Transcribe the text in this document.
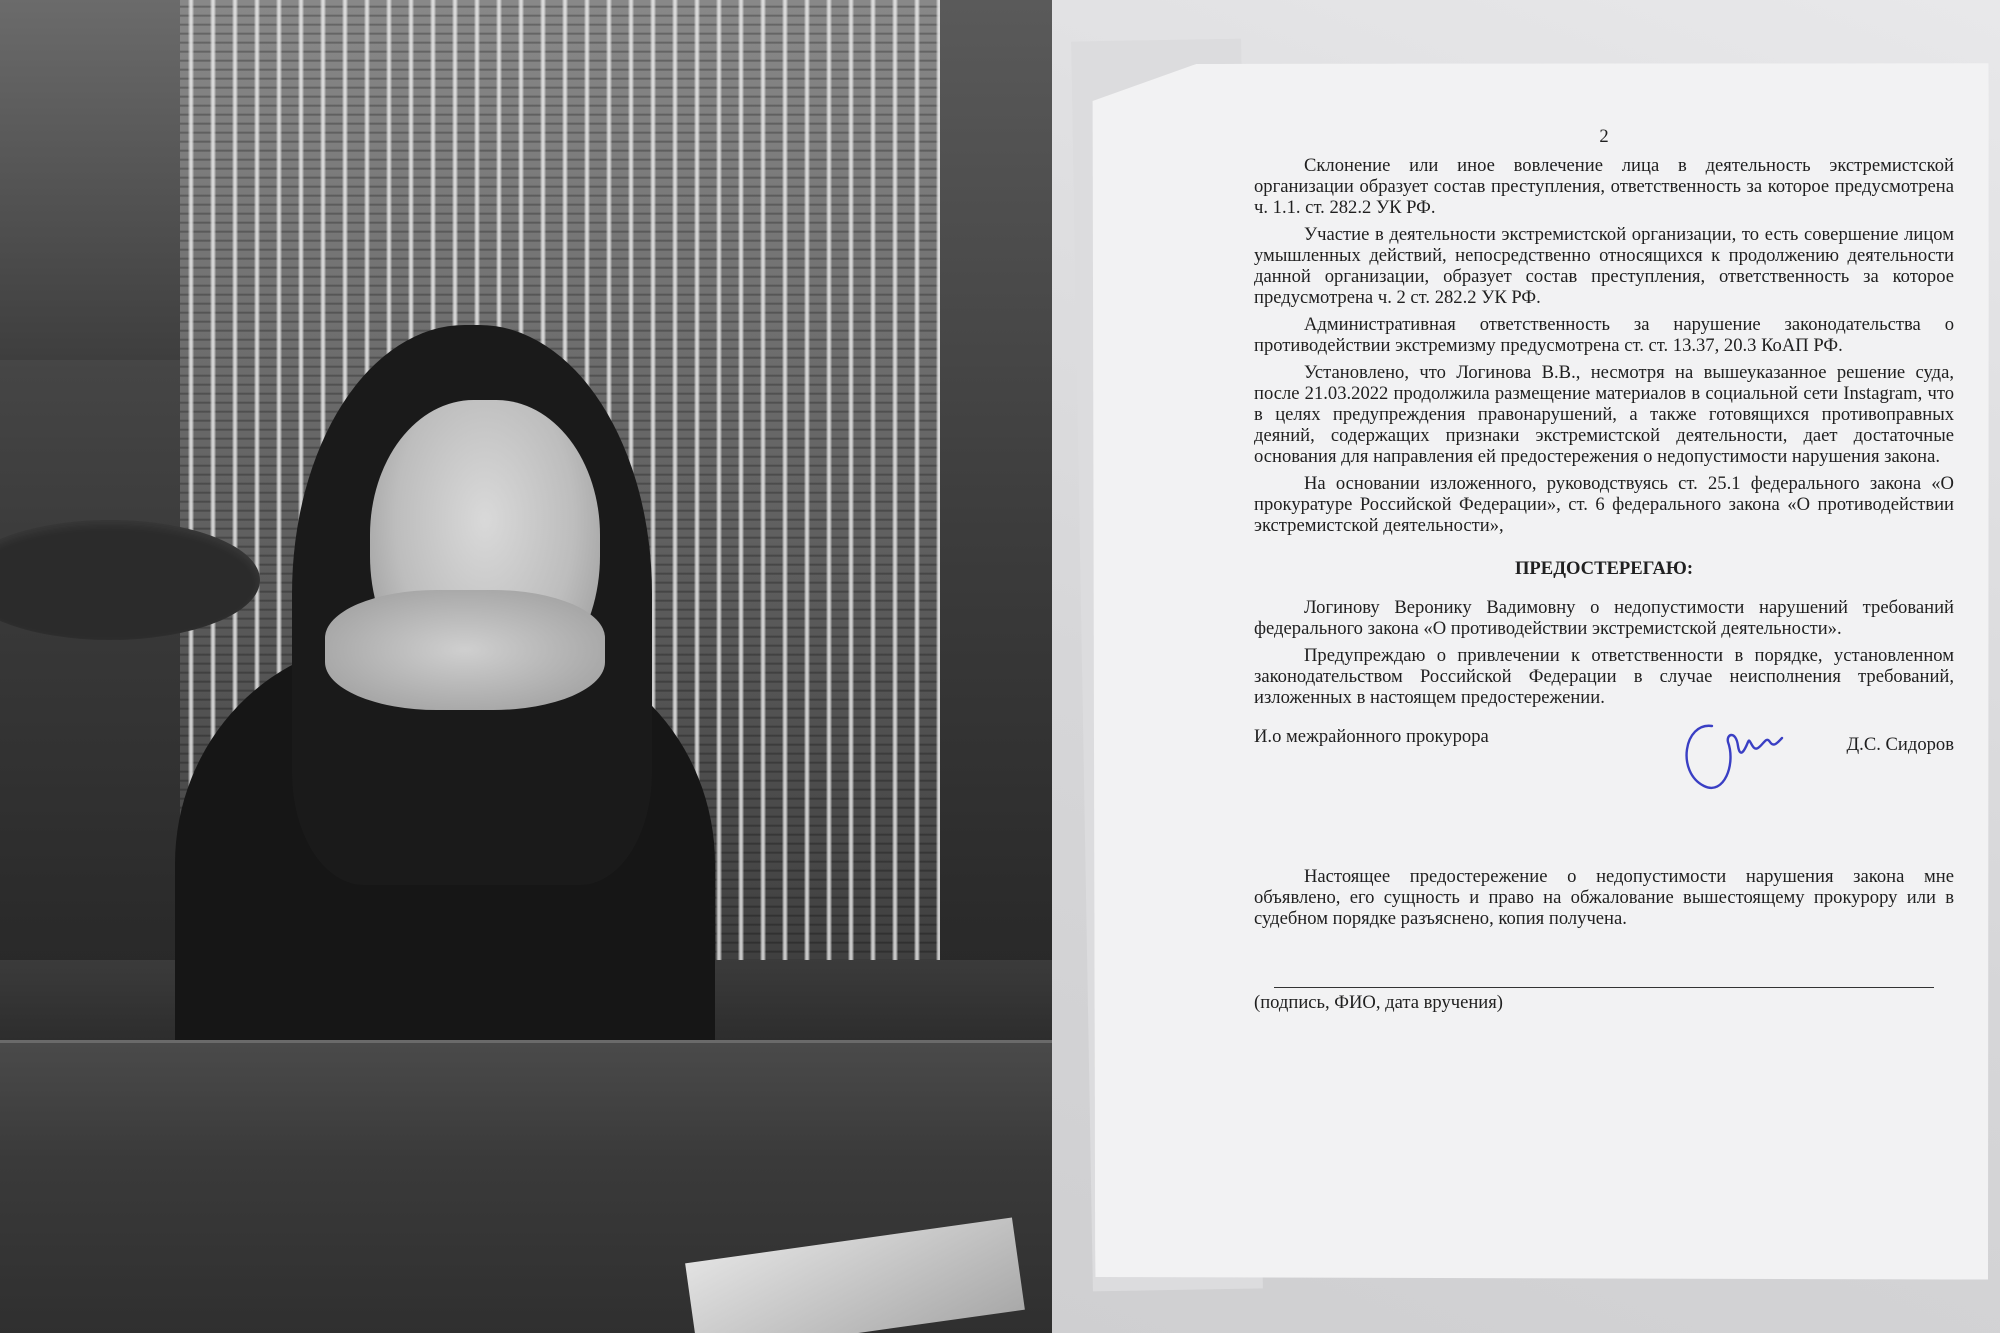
2

Склонение или иное вовлечение лица в деятельность экстремистской организации образует состав преступления, ответственность за которое предусмотрена ч. 1.1. ст. 282.2 УК РФ.

Участие в деятельности экстремистской организации, то есть совершение лицом умышленных действий, непосредственно относящихся к продолжению деятельности данной организации, образует состав преступления, ответственность за которое предусмотрена ч. 2 ст. 282.2 УК РФ.

Административная ответственность за нарушение законодательства о противодействии экстремизму предусмотрена ст. ст. 13.37, 20.3 КоАП РФ.

Установлено, что Логинова В.В., несмотря на вышеуказанное решение суда, после 21.03.2022 продолжила размещение материалов в социальной сети Instagram, что в целях предупреждения правонарушений, а также готовящихся противоправных деяний, содержащих признаки экстремистской деятельности, дает достаточные основания для направления ей предостережения о недопустимости нарушения закона.

На основании изложенного, руководствуясь ст. 25.1 федерального закона «О прокуратуре Российской Федерации», ст. 6 федерального закона «О противодействии экстремистской деятельности»,

ПРЕДОСТЕРЕГАЮ:

Логинову Веронику Вадимовну о недопустимости нарушений требований федерального закона «О противодействии экстремистской деятельности».

Предупреждаю о привлечении к ответственности в порядке, установленном законодательством Российской Федерации в случае неисполнения требований, изложенных в настоящем предостережении.

И.о межрайонного прокурора	Д.С. Сидоров

Настоящее предостережение о недопустимости нарушения закона мне объявлено, его сущность и право на обжалование вышестоящему прокурору или в судебном порядке разъяснено, копия получена.

(подпись, ФИО, дата вручения)
